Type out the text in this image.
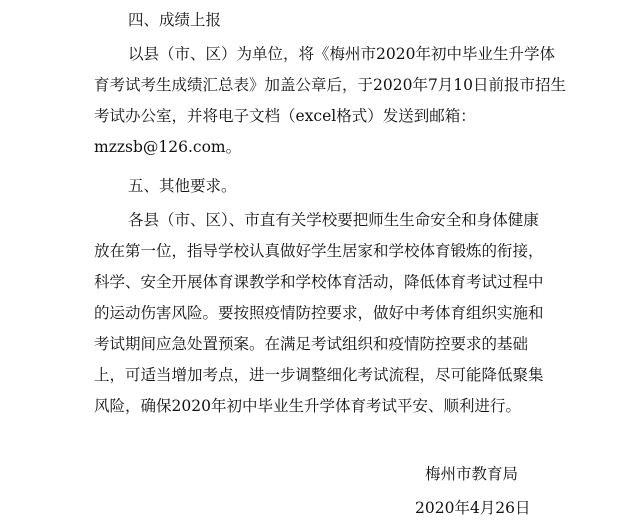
四、成绩上报
以县（市、区）为单位，将《梅州市2020年初中毕业生升学体
育考试考生成绩汇总表》加盖公章后，于2020年7月10日前报市招生
考试办公室，并将电子文档（excel格式）发送到邮箱：
mzzsb@126.com。
五、其他要求。
各县（市、区）、市直有关学校要把师生生命安全和身体健康
放在第一位，指导学校认真做好学生居家和学校体育锻炼的衔接，
科学、安全开展体育课教学和学校体育活动，降低体育考试过程中
的运动伤害风险。要按照疫情防控要求，做好中考体育组织实施和
考试期间应急处置预案。在满足考试组织和疫情防控要求的基础
上，可适当增加考点，进一步调整细化考试流程，尽可能降低聚集
风险，确保2020年初中毕业生升学体育考试平安、顺利进行。
梅州市教育局
2020年4月26日
